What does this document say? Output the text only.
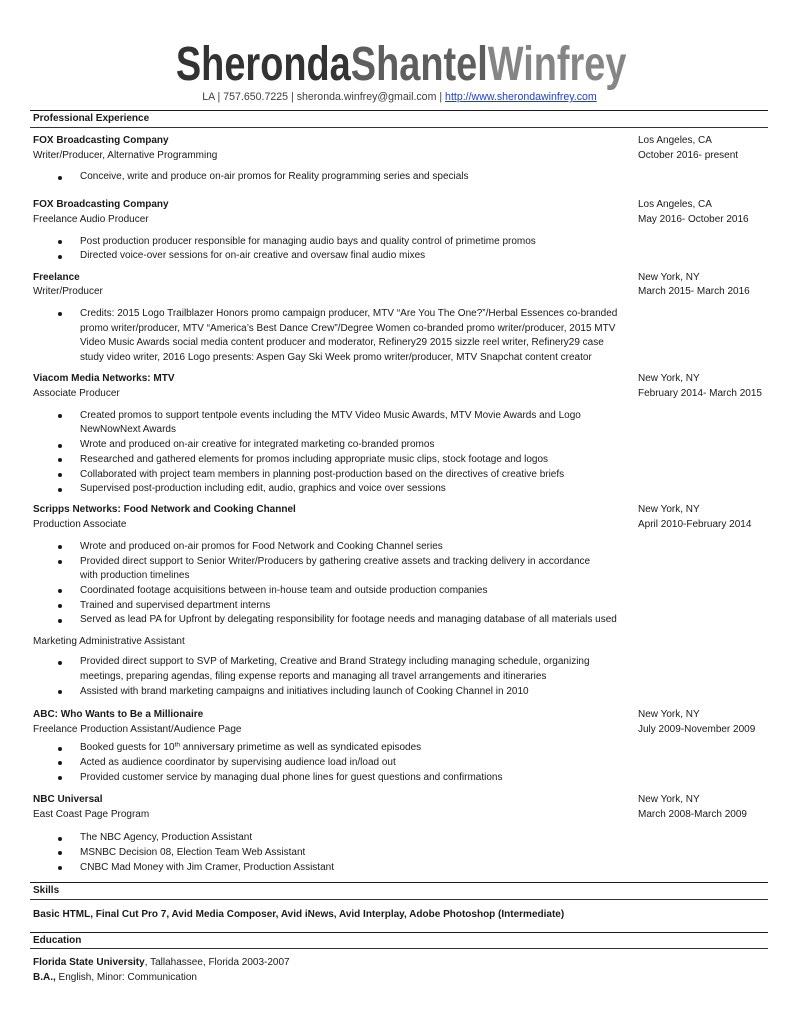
SherondaShantelWinfrey
LA | 757.650.7225 | sheronda.winfrey@gmail.com | http://www.sherondawinfrey.com
Professional Experience
FOX Broadcasting Company	Los Angeles, CA
Writer/Producer, Alternative Programming	October 2016- present
Conceive, write and produce on-air promos for Reality programming series and specials
FOX Broadcasting Company	Los Angeles, CA
Freelance Audio Producer	May 2016- October 2016
Post production producer responsible for managing audio bays and quality control of primetime promos
Directed voice-over sessions for on-air creative and oversaw final audio mixes
Freelance	New York, NY
Writer/Producer	March 2015- March 2016
Credits: 2015 Logo Trailblazer Honors promo campaign producer, MTV “Are You The One?”/Herbal Essences co-branded
promo writer/producer, MTV “America’s Best Dance Crew”/Degree Women co-branded promo writer/producer, 2015 MTV
Video Music Awards social media content producer and moderator, Refinery29 2015 sizzle reel writer, Refinery29 case
study video writer, 2016 Logo presents: Aspen Gay Ski Week promo writer/producer, MTV Snapchat content creator
Viacom Media Networks: MTV	New York, NY
Associate Producer	February 2014- March 2015
Created promos to support tentpole events including the MTV Video Music Awards, MTV Movie Awards and Logo
NewNowNext Awards
Wrote and produced on-air creative for integrated marketing co-branded promos
Researched and gathered elements for promos including appropriate music clips, stock footage and logos
Collaborated with project team members in planning post-production based on the directives of creative briefs
Supervised post-production including edit, audio, graphics and voice over sessions
Scripps Networks: Food Network and Cooking Channel	New York, NY
Production Associate	April 2010-February 2014
Wrote and produced on-air promos for Food Network and Cooking Channel series
Provided direct support to Senior Writer/Producers by gathering creative assets and tracking delivery in accordance
with production timelines
Coordinated footage acquisitions between in-house team and outside production companies
Trained and supervised department interns
Served as lead PA for Upfront by delegating responsibility for footage needs and managing database of all materials used
Marketing Administrative Assistant
Provided direct support to SVP of Marketing, Creative and Brand Strategy including managing schedule, organizing
meetings, preparing agendas, filing expense reports and managing all travel arrangements and itineraries
Assisted with brand marketing campaigns and initiatives including launch of Cooking Channel in 2010
ABC: Who Wants to Be a Millionaire	New York, NY
Freelance Production Assistant/Audience Page	July 2009-November 2009
Booked guests for 10th anniversary primetime as well as syndicated episodes
Acted as audience coordinator by supervising audience load in/load out
Provided customer service by managing dual phone lines for guest questions and confirmations
NBC Universal	New York, NY
East Coast Page Program	March 2008-March 2009
The NBC Agency, Production Assistant
MSNBC Decision 08, Election Team Web Assistant
CNBC Mad Money with Jim Cramer, Production Assistant
Skills
Basic HTML, Final Cut Pro 7, Avid Media Composer, Avid iNews, Avid Interplay, Adobe Photoshop (Intermediate)
Education
Florida State University, Tallahassee, Florida 2003-2007
B.A., English, Minor: Communication
